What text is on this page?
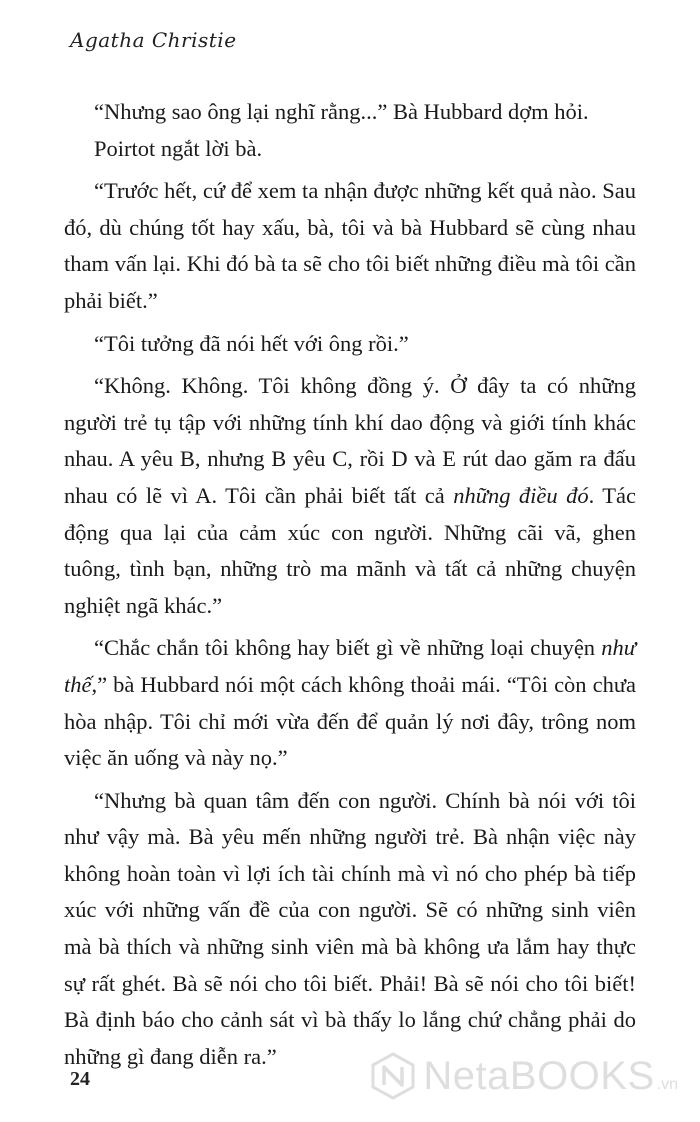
Agatha Christie

“Nhưng sao ông lại nghĩ rằng...” Bà Hubbard dợm hỏi.

Poirtot ngắt lời bà.

“Trước hết, cứ để xem ta nhận được những kết quả nào. Sau đó, dù chúng tốt hay xấu, bà, tôi và bà Hubbard sẽ cùng nhau tham vấn lại. Khi đó bà ta sẽ cho tôi biết những điều mà tôi cần phải biết.”

“Tôi tưởng đã nói hết với ông rồi.”

“Không. Không. Tôi không đồng ý. Ở đây ta có những người trẻ tụ tập với những tính khí dao động và giới tính khác nhau. A yêu B, nhưng B yêu C, rồi D và E rút dao găm ra đấu nhau có lẽ vì A. Tôi cần phải biết tất cả những điều đó. Tác động qua lại của cảm xúc con người. Những cãi vã, ghen tuông, tình bạn, những trò ma mãnh và tất cả những chuyện nghiệt ngã khác.”

“Chắc chắn tôi không hay biết gì về những loại chuyện như thế,” bà Hubbard nói một cách không thoải mái. “Tôi còn chưa hòa nhập. Tôi chỉ mới vừa đến để quản lý nơi đây, trông nom việc ăn uống và này nọ.”

“Nhưng bà quan tâm đến con người. Chính bà nói với tôi như vậy mà. Bà yêu mến những người trẻ. Bà nhận việc này không hoàn toàn vì lợi ích tài chính mà vì nó cho phép bà tiếp xúc với những vấn đề của con người. Sẽ có những sinh viên mà bà thích và những sinh viên mà bà không ưa lắm hay thực sự rất ghét. Bà sẽ nói cho tôi biết. Phải! Bà sẽ nói cho tôi biết! Bà định báo cho cảnh sát vì bà thấy lo lắng chứ chẳng phải do những gì đang diễn ra.”

24	NetaBOOKS .vn
